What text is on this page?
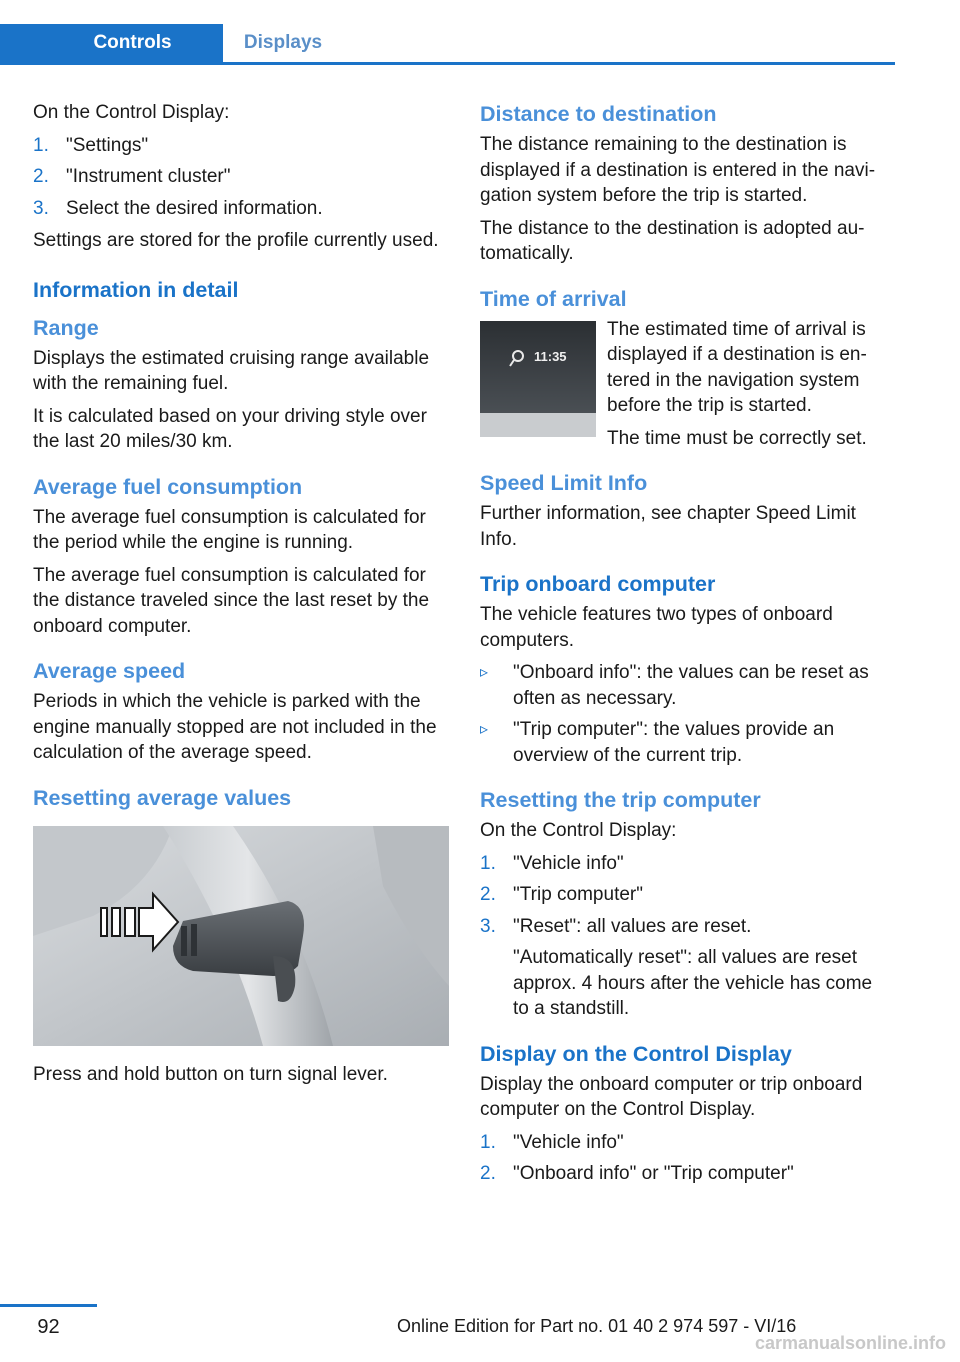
Controls	Displays

On the Control Display:

1. "Settings"
2. "Instrument cluster"
3. Select the desired information.

Settings are stored for the profile currently used.

Information in detail
Range

Displays the estimated cruising range available with the remaining fuel.

It is calculated based on your driving style over the last 20 miles/30 km.

Average fuel consumption

The average fuel consumption is calculated for the period while the engine is running.

The average fuel consumption is calculated for the distance traveled since the last reset by the onboard computer.

Average speed

Periods in which the vehicle is parked with the engine manually stopped are not included in the calculation of the average speed.

Resetting average values

Press and hold button on turn signal lever.

Distance to destination

The distance remaining to the destination is displayed if a destination is entered in the navigation system before the trip is started.

The distance to the destination is adopted automatically.

Time of arrival
11:35

The estimated time of arrival is displayed if a destination is entered in the navigation system before the trip is started.

The time must be correctly set.

Speed Limit Info

Further information, see chapter Speed Limit Info.

Trip onboard computer

The vehicle features two types of onboard computers.

▹ "Onboard info": the values can be reset as often as necessary.
▹ "Trip computer": the values provide an overview of the current trip.
Resetting the trip computer

On the Control Display:

1. "Vehicle info"
2. "Trip computer"
3. "Reset": all values are reset.
"Automatically reset": all values are reset approx. 4 hours after the vehicle has come to a standstill.
Display on the Control Display

Display the onboard computer or trip onboard computer on the Control Display.

1. "Vehicle info"
2. "Onboard info" or "Trip computer"
92	Online Edition for Part no. 01 40 2 974 597 - VI/16
carmanualsonline.info
